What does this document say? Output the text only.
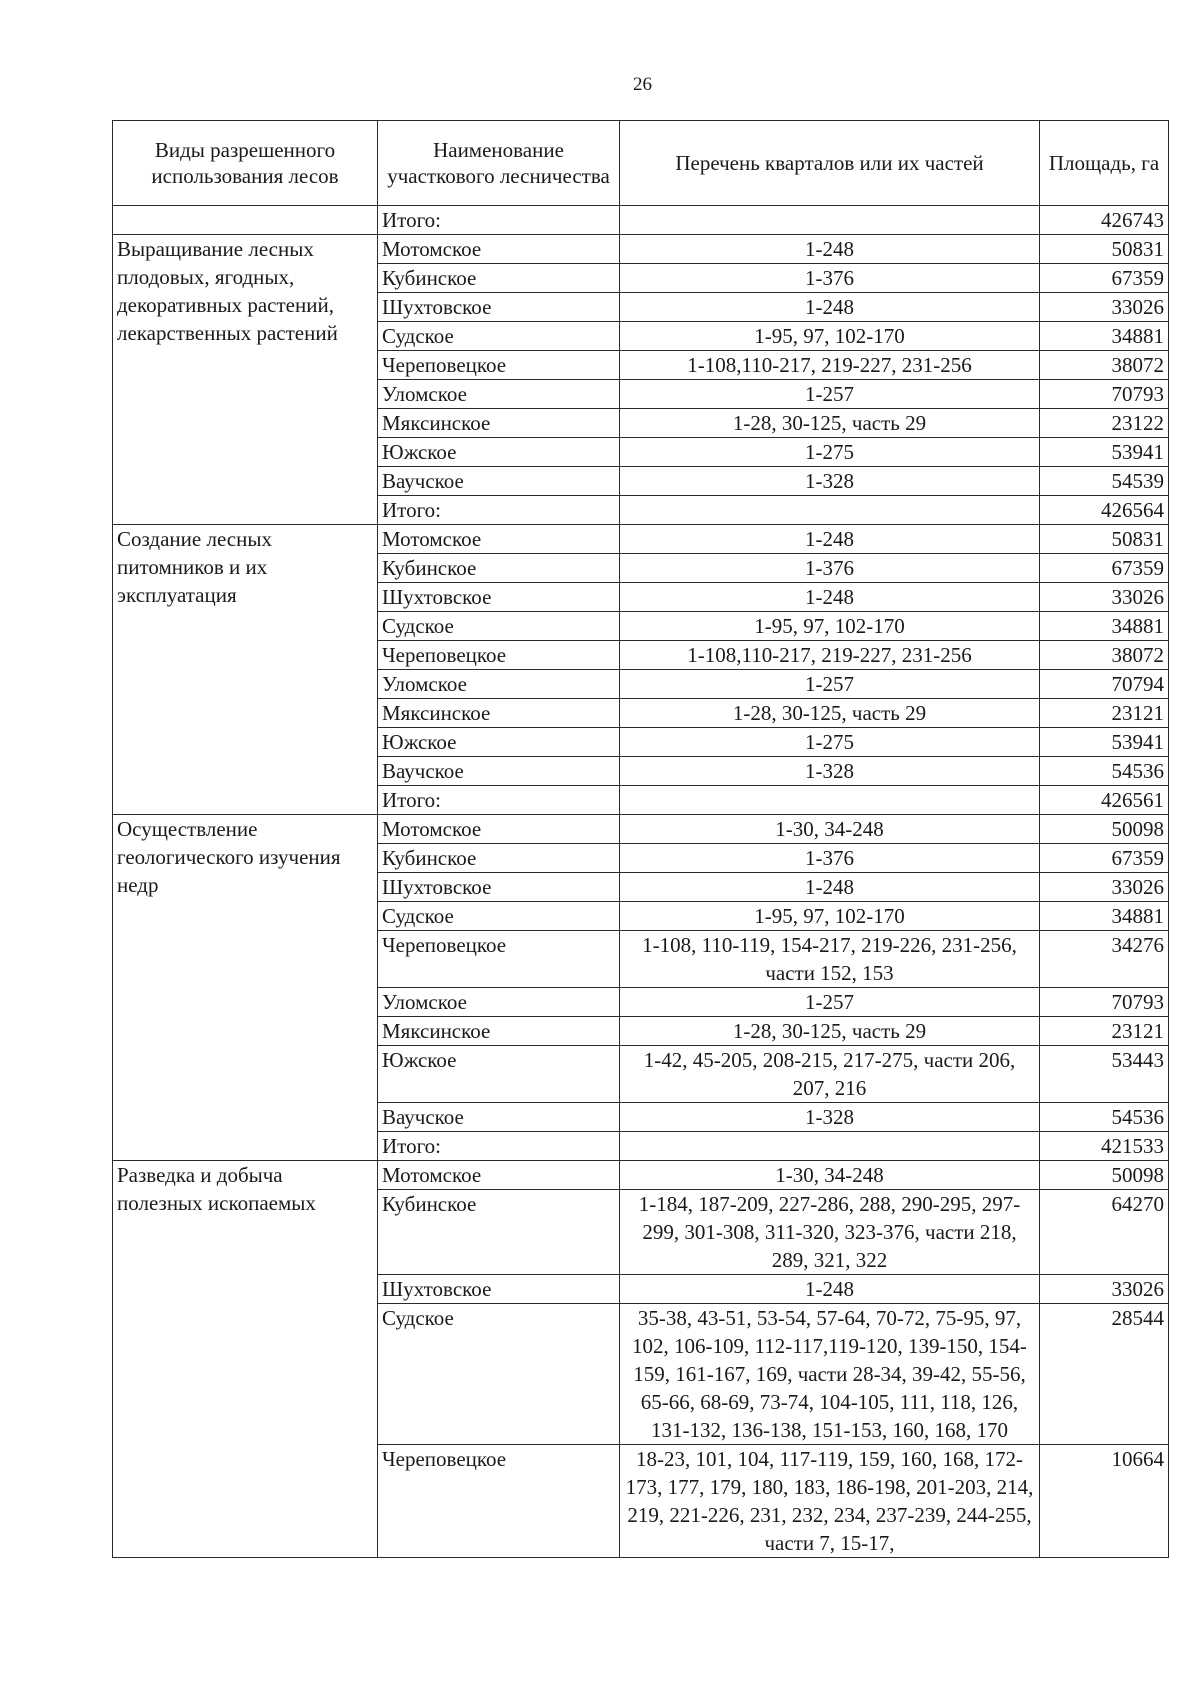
26
Виды разрешенного использования лесов	Наименование участкового лесничества	Перечень кварталов или их частей	Площадь, га
	Итого:		426743
Выращивание лесных плодовых, ягодных, декоративных растений, лекарственных растений	Мотомское	1-248	50831
	Кубинское	1-376	67359
	Шухтовское	1-248	33026
	Судское	1-95, 97, 102-170	34881
	Череповецкое	1-108,110-217, 219-227, 231-256	38072
	Уломское	1-257	70793
	Мяксинское	1-28, 30-125, часть 29	23122
	Южское	1-275	53941
	Ваучское	1-328	54539
	Итого:		426564
Создание лесных питомников и их эксплуатация	Мотомское	1-248	50831
	Кубинское	1-376	67359
	Шухтовское	1-248	33026
	Судское	1-95, 97, 102-170	34881
	Череповецкое	1-108,110-217, 219-227, 231-256	38072
	Уломское	1-257	70794
	Мяксинское	1-28, 30-125, часть 29	23121
	Южское	1-275	53941
	Ваучское	1-328	54536
	Итого:		426561
Осуществление геологического изучения недр	Мотомское	1-30, 34-248	50098
	Кубинское	1-376	67359
	Шухтовское	1-248	33026
	Судское	1-95, 97, 102-170	34881
	Череповецкое	1-108, 110-119, 154-217, 219-226, 231-256, части 152, 153	34276
	Уломское	1-257	70793
	Мяксинское	1-28, 30-125, часть 29	23121
	Южское	1-42, 45-205, 208-215, 217-275, части 206, 207, 216	53443
	Ваучское	1-328	54536
	Итого:		421533
Разведка и добыча полезных ископаемых	Мотомское	1-30, 34-248	50098
	Кубинское	1-184, 187-209, 227-286, 288, 290-295, 297-299, 301-308, 311-320, 323-376, части 218, 289, 321, 322	64270
	Шухтовское	1-248	33026
	Судское	35-38, 43-51, 53-54, 57-64, 70-72, 75-95, 97, 102, 106-109, 112-117,119-120, 139-150, 154-159, 161-167, 169, части 28-34, 39-42, 55-56, 65-66, 68-69, 73-74, 104-105, 111, 118, 126, 131-132, 136-138, 151-153, 160, 168, 170	28544
	Череповецкое	18-23, 101, 104, 117-119, 159, 160, 168, 172-173, 177, 179, 180, 183, 186-198, 201-203, 214, 219, 221-226, 231, 232, 234, 237-239, 244-255, части 7, 15-17,	10664
